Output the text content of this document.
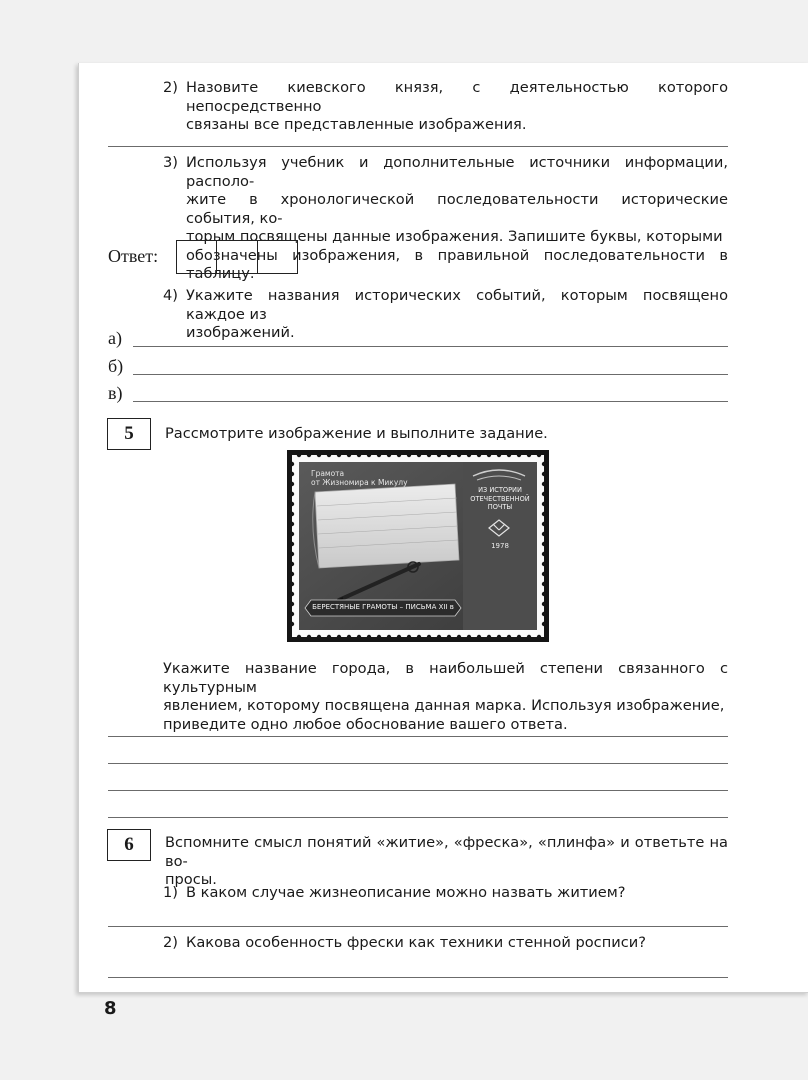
2) Назовите киевского князя, с деятельностью которого непосредственно
связаны все представленные изображения.
3) Используя учебник и дополнительные источники информации, располо-
жите в хронологической последовательности исторические события, ко-
торым посвящены данные изображения. Запишите буквы, которыми
обозначены изображения, в правильной последовательности в таблицу.
Ответ:
4) Укажите названия исторических событий, которым посвящено каждое из
изображений.
а)
б)
в)
5	Рассмотрите изображение и выполните задание.
Грамота
от Жизномира к Микулу
ИЗ ИСТОРИИ
ОТЕЧЕСТВЕННОЙ
ПОЧТЫ
1978
БЕРЕСТЯНЫЕ ГРАМОТЫ – ПИСЬМА XII в
Укажите название города, в наибольшей степени связанного с культурным
явлением, которому посвящена данная марка. Используя изображение,
приведите одно любое обоснование вашего ответа.
6	Вспомните смысл понятий «житие», «фреска», «плинфа» и ответьте на во-
просы.
1) В каком случае жизнеописание можно назвать житием?
2) Какова особенность фрески как техники стенной росписи?
8
